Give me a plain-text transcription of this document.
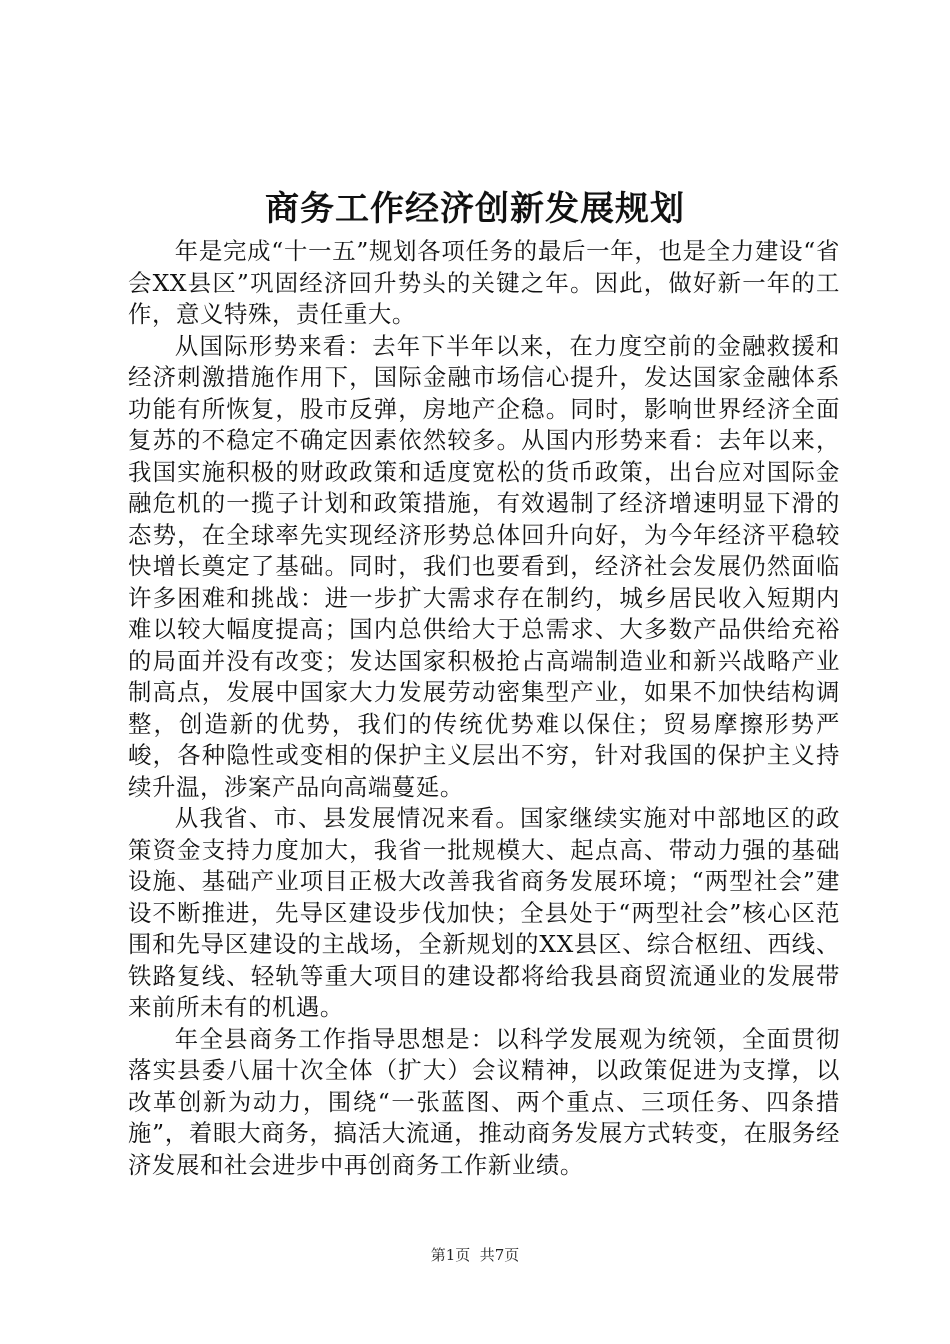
商务工作经济创新发展规划

年是完成“十一五”规划各项任务的最后一年，也是全力建设“省会XX县区”巩固经济回升势头的关键之年。因此，做好新一年的工作，意义特殊，责任重大。

从国际形势来看：去年下半年以来，在力度空前的金融救援和经济刺激措施作用下，国际金融市场信心提升，发达国家金融体系功能有所恢复，股市反弹，房地产企稳。同时，影响世界经济全面复苏的不稳定不确定因素依然较多。从国内形势来看：去年以来，我国实施积极的财政政策和适度宽松的货币政策，出台应对国际金融危机的一揽子计划和政策措施，有效遏制了经济增速明显下滑的态势，在全球率先实现经济形势总体回升向好，为今年经济平稳较快增长奠定了基础。同时，我们也要看到，经济社会发展仍然面临许多困难和挑战：进一步扩大需求存在制约，城乡居民收入短期内难以较大幅度提高；国内总供给大于总需求、大多数产品供给充裕的局面并没有改变；发达国家积极抢占高端制造业和新兴战略产业制高点，发展中国家大力发展劳动密集型产业，如果不加快结构调整，创造新的优势，我们的传统优势难以保住；贸易摩擦形势严峻，各种隐性或变相的保护主义层出不穷，针对我国的保护主义持续升温，涉案产品向高端蔓延。

从我省、市、县发展情况来看。国家继续实施对中部地区的政策资金支持力度加大，我省一批规模大、起点高、带动力强的基础设施、基础产业项目正极大改善我省商务发展环境；“两型社会”建设不断推进，先导区建设步伐加快；全县处于“两型社会”核心区范围和先导区建设的主战场，全新规划的XX县区、综合枢纽、西线、铁路复线、轻轨等重大项目的建设都将给我县商贸流通业的发展带来前所未有的机遇。

年全县商务工作指导思想是：以科学发展观为统领，全面贯彻落实县委八届十次全体（扩大）会议精神，以政策促进为支撑，以改革创新为动力，围绕“一张蓝图、两个重点、三项任务、四条措施”，着眼大商务，搞活大流通，推动商务发展方式转变，在服务经济发展和社会进步中再创商务工作新业绩。

第1页  共7页
